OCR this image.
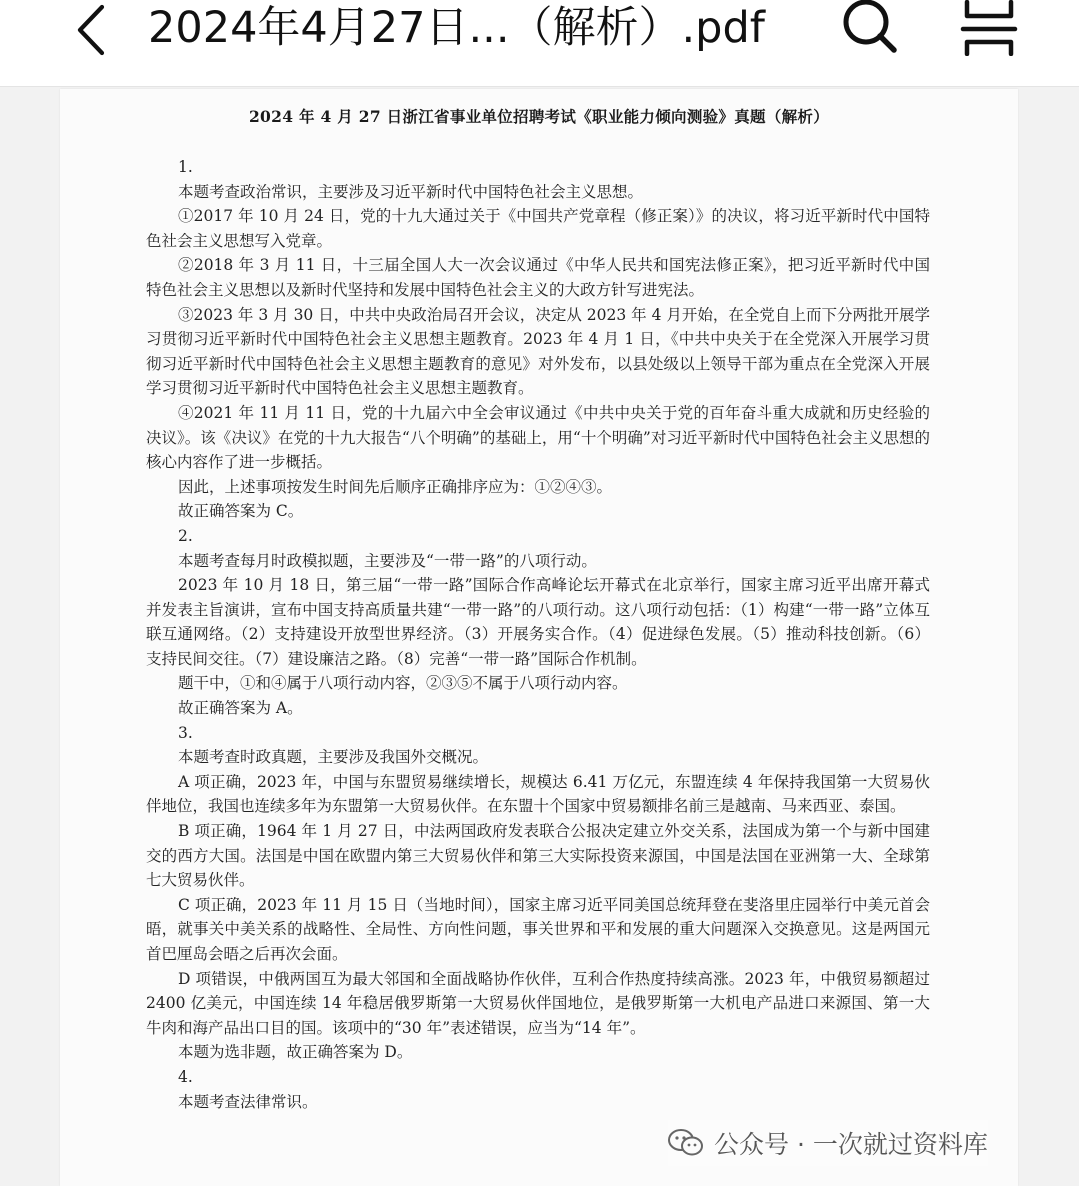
2024年4月27日...（解析）.pdf
2024 年 4 月 27 日浙江省事业单位招聘考试《职业能力倾向测验》真题（解析）

1.

本题考查政治常识，主要涉及习近平新时代中国特色社会主义思想。

①2017 年 10 月 24 日，党的十九大通过关于《中国共产党章程（修正案）》的决议，将习近平新时代中国特色社会主义思想写入党章。

②2018 年 3 月 11 日，十三届全国人大一次会议通过《中华人民共和国宪法修正案》，把习近平新时代中国特色社会主义思想以及新时代坚持和发展中国特色社会主义的大政方针写进宪法。

③2023 年 3 月 30 日，中共中央政治局召开会议，决定从 2023 年 4 月开始，在全党自上而下分两批开展学习贯彻习近平新时代中国特色社会主义思想主题教育。2023 年 4 月 1 日，《中共中央关于在全党深入开展学习贯彻习近平新时代中国特色社会主义思想主题教育的意见》对外发布，以县处级以上领导干部为重点在全党深入开展学习贯彻习近平新时代中国特色社会主义思想主题教育。

④2021 年 11 月 11 日，党的十九届六中全会审议通过《中共中央关于党的百年奋斗重大成就和历史经验的决议》。该《决议》在党的十九大报告“八个明确”的基础上，用“十个明确”对习近平新时代中国特色社会主义思想的核心内容作了进一步概括。

因此，上述事项按发生时间先后顺序正确排序应为：①②④③。

故正确答案为 C。

2.

本题考查每月时政模拟题，主要涉及“一带一路”的八项行动。

2023 年 10 月 18 日，第三届“一带一路”国际合作高峰论坛开幕式在北京举行，国家主席习近平出席开幕式并发表主旨演讲，宣布中国支持高质量共建“一带一路”的八项行动。这八项行动包括：（1）构建“一带一路”立体互联互通网络。（2）支持建设开放型世界经济。（3）开展务实合作。（4）促进绿色发展。（5）推动科技创新。（6）支持民间交往。（7）建设廉洁之路。（8）完善“一带一路”国际合作机制。

题干中，①和④属于八项行动内容，②③⑤不属于八项行动内容。

故正确答案为 A。

3.

本题考查时政真题，主要涉及我国外交概况。

A 项正确，2023 年，中国与东盟贸易继续增长，规模达 6.41 万亿元，东盟连续 4 年保持我国第一大贸易伙伴地位，我国也连续多年为东盟第一大贸易伙伴。在东盟十个国家中贸易额排名前三是越南、马来西亚、泰国。

B 项正确，1964 年 1 月 27 日，中法两国政府发表联合公报决定建立外交关系，法国成为第一个与新中国建交的西方大国。法国是中国在欧盟内第三大贸易伙伴和第三大实际投资来源国，中国是法国在亚洲第一大、全球第七大贸易伙伴。

C 项正确，2023 年 11 月 15 日（当地时间），国家主席习近平同美国总统拜登在斐洛里庄园举行中美元首会晤，就事关中美关系的战略性、全局性、方向性问题，事关世界和平和发展的重大问题深入交换意见。这是两国元首巴厘岛会晤之后再次会面。

D 项错误，中俄两国互为最大邻国和全面战略协作伙伴，互利合作热度持续高涨。2023 年，中俄贸易额超过 2400 亿美元，中国连续 14 年稳居俄罗斯第一大贸易伙伴国地位，是俄罗斯第一大机电产品进口来源国、第一大牛肉和海产品出口目的国。该项中的“30 年”表述错误，应当为“14 年”。

本题为选非题，故正确答案为 D。

4.

本题考查法律常识。

公众号 · 一次就过资料库
